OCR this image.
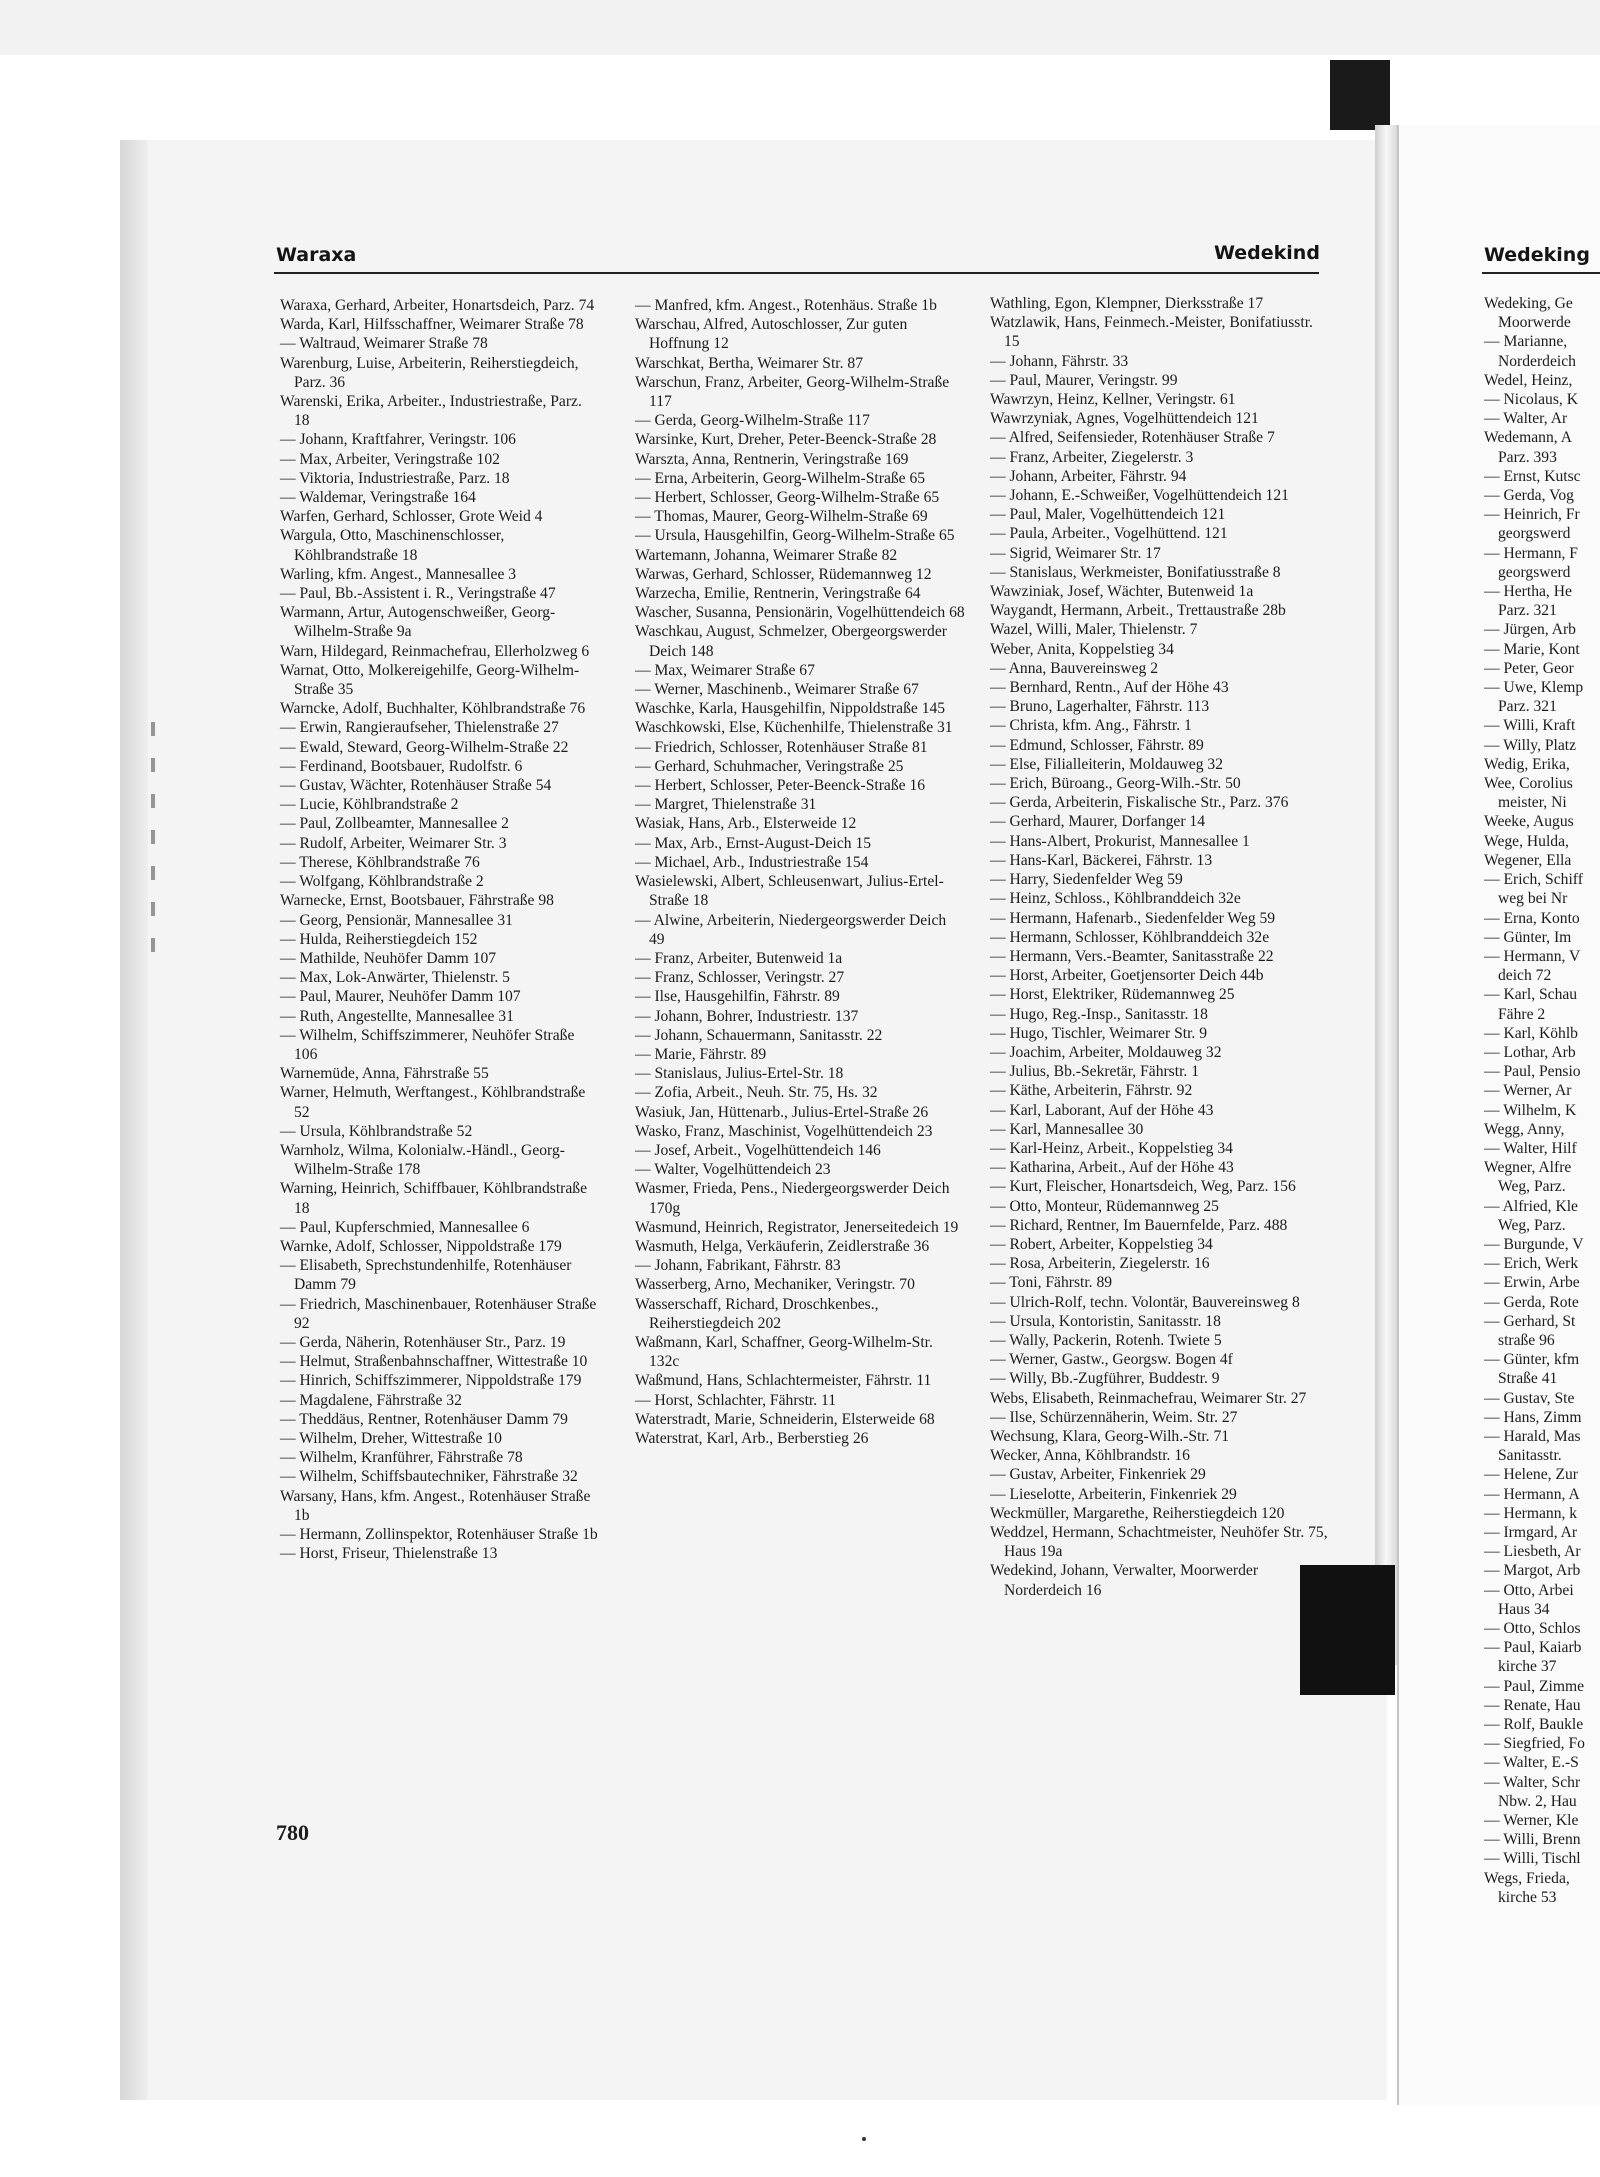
Waraxa	Wedekind	Wedeking
Waraxa, Gerhard, Arbeiter, Honartsdeich, Parz. 74
Warda, Karl, Hilfsschaffner, Weimarer Straße 78
— Waltraud, Weimarer Straße 78
Warenburg, Luise, Arbeiterin, Reiherstiegdeich, Parz. 36
Warenski, Erika, Arbeiter., Industriestraße, Parz. 18
— Johann, Kraftfahrer, Veringstr. 106
— Max, Arbeiter, Veringstraße 102
— Viktoria, Industriestraße, Parz. 18
— Waldemar, Veringstraße 164
Warfen, Gerhard, Schlosser, Grote Weid 4
Wargula, Otto, Maschinenschlosser, Köhlbrandstraße 18
Warling, kfm. Angest., Mannesallee 3
— Paul, Bb.-Assistent i. R., Veringstraße 47
Warmann, Artur, Autogenschweißer, Georg-Wilhelm-Straße 9a
Warn, Hildegard, Reinmachefrau, Ellerholzweg 6
Warnat, Otto, Molkereigehilfe, Georg-Wilhelm-Straße 35
Warncke, Adolf, Buchhalter, Köhlbrandstraße 76
— Erwin, Rangieraufseher, Thielenstraße 27
— Ewald, Steward, Georg-Wilhelm-Straße 22
— Ferdinand, Bootsbauer, Rudolfstr. 6
— Gustav, Wächter, Rotenhäuser Straße 54
— Lucie, Köhlbrandstraße 2
— Paul, Zollbeamter, Mannesallee 2
— Rudolf, Arbeiter, Weimarer Str. 3
— Therese, Köhlbrandstraße 76
— Wolfgang, Köhlbrandstraße 2
Warnecke, Ernst, Bootsbauer, Fährstraße 98
— Georg, Pensionär, Mannesallee 31
— Hulda, Reiherstiegdeich 152
— Mathilde, Neuhöfer Damm 107
— Max, Lok-Anwärter, Thielenstr. 5
— Paul, Maurer, Neuhöfer Damm 107
— Ruth, Angestellte, Mannesallee 31
— Wilhelm, Schiffszimmerer, Neuhöfer Straße 106
Warnemüde, Anna, Fährstraße 55
Warner, Helmuth, Werftangest., Köhlbrandstraße 52
— Ursula, Köhlbrandstraße 52
Warnholz, Wilma, Kolonialw.-Händl., Georg-Wilhelm-Straße 178
Warning, Heinrich, Schiffbauer, Köhlbrandstraße 18
— Paul, Kupferschmied, Mannesallee 6
Warnke, Adolf, Schlosser, Nippoldstraße 179
— Elisabeth, Sprechstundenhilfe, Rotenhäuser Damm 79
— Friedrich, Maschinenbauer, Rotenhäuser Straße 92
— Gerda, Näherin, Rotenhäuser Str., Parz. 19
— Helmut, Straßenbahnschaffner, Wittestraße 10
— Hinrich, Schiffszimmerer, Nippoldstraße 179
— Magdalene, Fährstraße 32
— Theddäus, Rentner, Rotenhäuser Damm 79
— Wilhelm, Dreher, Wittestraße 10
— Wilhelm, Kranführer, Fährstraße 78
— Wilhelm, Schiffsbautechniker, Fährstraße 32
Warsany, Hans, kfm. Angest., Rotenhäuser Straße 1b
— Hermann, Zollinspektor, Rotenhäuser Straße 1b
— Horst, Friseur, Thielenstraße 13
— Manfred, kfm. Angest., Rotenhäus. Straße 1b
Warschau, Alfred, Autoschlosser, Zur guten Hoffnung 12
Warschkat, Bertha, Weimarer Str. 87
Warschun, Franz, Arbeiter, Georg-Wilhelm-Straße 117
— Gerda, Georg-Wilhelm-Straße 117
Warsinke, Kurt, Dreher, Peter-Beenck-Straße 28
Warszta, Anna, Rentnerin, Veringstraße 169
— Erna, Arbeiterin, Georg-Wilhelm-Straße 65
— Herbert, Schlosser, Georg-Wilhelm-Straße 65
— Thomas, Maurer, Georg-Wilhelm-Straße 69
— Ursula, Hausgehilfin, Georg-Wilhelm-Straße 65
Wartemann, Johanna, Weimarer Straße 82
Warwas, Gerhard, Schlosser, Rüdemannweg 12
Warzecha, Emilie, Rentnerin, Veringstraße 64
Wascher, Susanna, Pensionärin, Vogelhüttendeich 68
Waschkau, August, Schmelzer, Obergeorgswerder Deich 148
— Max, Weimarer Straße 67
— Werner, Maschinenb., Weimarer Straße 67
Waschke, Karla, Hausgehilfin, Nippoldstraße 145
Waschkowski, Else, Küchenhilfe, Thielenstraße 31
— Friedrich, Schlosser, Rotenhäuser Straße 81
— Gerhard, Schuhmacher, Veringstraße 25
— Herbert, Schlosser, Peter-Beenck-Straße 16
— Margret, Thielenstraße 31
Wasiak, Hans, Arb., Elsterweide 12
— Max, Arb., Ernst-August-Deich 15
— Michael, Arb., Industriestraße 154
Wasielewski, Albert, Schleusenwart, Julius-Ertel-Straße 18
— Alwine, Arbeiterin, Niedergeorgswerder Deich 49
— Franz, Arbeiter, Butenweid 1a
— Franz, Schlosser, Veringstr. 27
— Ilse, Hausgehilfin, Fährstr. 89
— Johann, Bohrer, Industriestr. 137
— Johann, Schauermann, Sanitasstr. 22
— Marie, Fährstr. 89
— Stanislaus, Julius-Ertel-Str. 18
— Zofia, Arbeit., Neuh. Str. 75, Hs. 32
Wasiuk, Jan, Hüttenarb., Julius-Ertel-Straße 26
Wasko, Franz, Maschinist, Vogelhüttendeich 23
— Josef, Arbeit., Vogelhüttendeich 146
— Walter, Vogelhüttendeich 23
Wasmer, Frieda, Pens., Niedergeorgswerder Deich 170g
Wasmund, Heinrich, Registrator, Jenerseitedeich 19
Wasmuth, Helga, Verkäuferin, Zeidlerstraße 36
— Johann, Fabrikant, Fährstr. 83
Wasserberg, Arno, Mechaniker, Veringstr. 70
Wasserschaff, Richard, Droschkenbes., Reiherstiegdeich 202
Waßmann, Karl, Schaffner, Georg-Wilhelm-Str. 132c
Waßmund, Hans, Schlachtermeister, Fährstr. 11
— Horst, Schlachter, Fährstr. 11
Waterstradt, Marie, Schneiderin, Elsterweide 68
Waterstrat, Karl, Arb., Berberstieg 26
Wathling, Egon, Klempner, Dierksstraße 17
Watzlawik, Hans, Feinmech.-Meister, Bonifatiusstr. 15
— Johann, Fährstr. 33
— Paul, Maurer, Veringstr. 99
Wawrzyn, Heinz, Kellner, Veringstr. 61
Wawrzyniak, Agnes, Vogelhüttendeich 121
— Alfred, Seifensieder, Rotenhäuser Straße 7
— Franz, Arbeiter, Ziegelerstr. 3
— Johann, Arbeiter, Fährstr. 94
— Johann, E.-Schweißer, Vogelhüttendeich 121
— Paul, Maler, Vogelhüttendeich 121
— Paula, Arbeiter., Vogelhüttend. 121
— Sigrid, Weimarer Str. 17
— Stanislaus, Werkmeister, Bonifatiusstraße 8
Wawziniak, Josef, Wächter, Butenweid 1a
Waygandt, Hermann, Arbeit., Trettaustraße 28b
Wazel, Willi, Maler, Thielenstr. 7
Weber, Anita, Koppelstieg 34
— Anna, Bauvereinsweg 2
— Bernhard, Rentn., Auf der Höhe 43
— Bruno, Lagerhalter, Fährstr. 113
— Christa, kfm. Ang., Fährstr. 1
— Edmund, Schlosser, Fährstr. 89
— Else, Filialleiterin, Moldauweg 32
— Erich, Büroang., Georg-Wilh.-Str. 50
— Gerda, Arbeiterin, Fiskalische Str., Parz. 376
— Gerhard, Maurer, Dorfanger 14
— Hans-Albert, Prokurist, Mannesallee 1
— Hans-Karl, Bäckerei, Fährstr. 13
— Harry, Siedenfelder Weg 59
— Heinz, Schloss., Köhlbranddeich 32e
— Hermann, Hafenarb., Siedenfelder Weg 59
— Hermann, Schlosser, Köhlbranddeich 32e
— Hermann, Vers.-Beamter, Sanitasstraße 22
— Horst, Arbeiter, Goetjensorter Deich 44b
— Horst, Elektriker, Rüdemannweg 25
— Hugo, Reg.-Insp., Sanitasstr. 18
— Hugo, Tischler, Weimarer Str. 9
— Joachim, Arbeiter, Moldauweg 32
— Julius, Bb.-Sekretär, Fährstr. 1
— Käthe, Arbeiterin, Fährstr. 92
— Karl, Laborant, Auf der Höhe 43
— Karl, Mannesallee 30
— Karl-Heinz, Arbeit., Koppelstieg 34
— Katharina, Arbeit., Auf der Höhe 43
— Kurt, Fleischer, Honartsdeich, Weg, Parz. 156
— Otto, Monteur, Rüdemannweg 25
— Richard, Rentner, Im Bauernfelde, Parz. 488
— Robert, Arbeiter, Koppelstieg 34
— Rosa, Arbeiterin, Ziegelerstr. 16
— Toni, Fährstr. 89
— Ulrich-Rolf, techn. Volontär, Bauvereinsweg 8
— Ursula, Kontoristin, Sanitasstr. 18
— Wally, Packerin, Rotenh. Twiete 5
— Werner, Gastw., Georgsw. Bogen 4f
— Willy, Bb.-Zugführer, Buddestr. 9
Webs, Elisabeth, Reinmachefrau, Weimarer Str. 27
— Ilse, Schürzennäherin, Weim. Str. 27
Wechsung, Klara, Georg-Wilh.-Str. 71
Wecker, Anna, Köhlbrandstr. 16
— Gustav, Arbeiter, Finkenriek 29
— Lieselotte, Arbeiterin, Finkenriek 29
Weckmüller, Margarethe, Reiherstiegdeich 120
Weddzel, Hermann, Schachtmeister, Neuhöfer Str. 75, Haus 19a
Wedekind, Johann, Verwalter, Moorwerder Norderdeich 16
Wedeking, Ge Moorwerde
— Marianne, Norderdeich
Wedel, Heinz,
— Nicolaus, K
— Walter, Ar
Wedemann, A Parz. 393
— Ernst, Kutsc
— Gerda, Vog
— Heinrich, Fr georgswerd
— Hermann, F georgswerd
— Hertha, He Parz. 321
— Jürgen, Arb
— Marie, Kont
— Peter, Geor
— Uwe, Klemp Parz. 321
— Willi, Kraft
— Willy, Platz
Wedig, Erika,
Wee, Corolius meister, Ni
Weeke, Augus
Wege, Hulda,
Wegener, Ella
— Erich, Schiff weg bei Nr
— Erna, Konto
— Günter, Im
— Hermann, V deich 72
— Karl, Schau Fähre 2
— Karl, Köhlb
— Lothar, Arb
— Paul, Pensio
— Werner, Ar
— Wilhelm, K
Wegg, Anny,
— Walter, Hilf
Wegner, Alfre Weg, Parz.
— Alfried, Kle Weg, Parz.
— Burgunde, V
— Erich, Werk
— Erwin, Arbe
— Gerda, Rote
— Gerhard, St straße 96
— Günter, kfm Straße 41
— Gustav, Ste
— Hans, Zimm
— Harald, Mas Sanitasstr.
— Helene, Zur
— Hermann, A
— Hermann, k
— Irmgard, Ar
— Liesbeth, Ar
— Margot, Arb
— Otto, Arbei Haus 34
— Otto, Schlos
— Paul, Kaiarb kirche 37
— Paul, Zimme
— Renate, Hau
— Rolf, Baukle
— Siegfried, Fo
— Walter, E.-S
— Walter, Schr Nbw. 2, Hau
— Werner, Kle
— Willi, Brenn
— Willi, Tischl
Wegs, Frieda, kirche 53
780
